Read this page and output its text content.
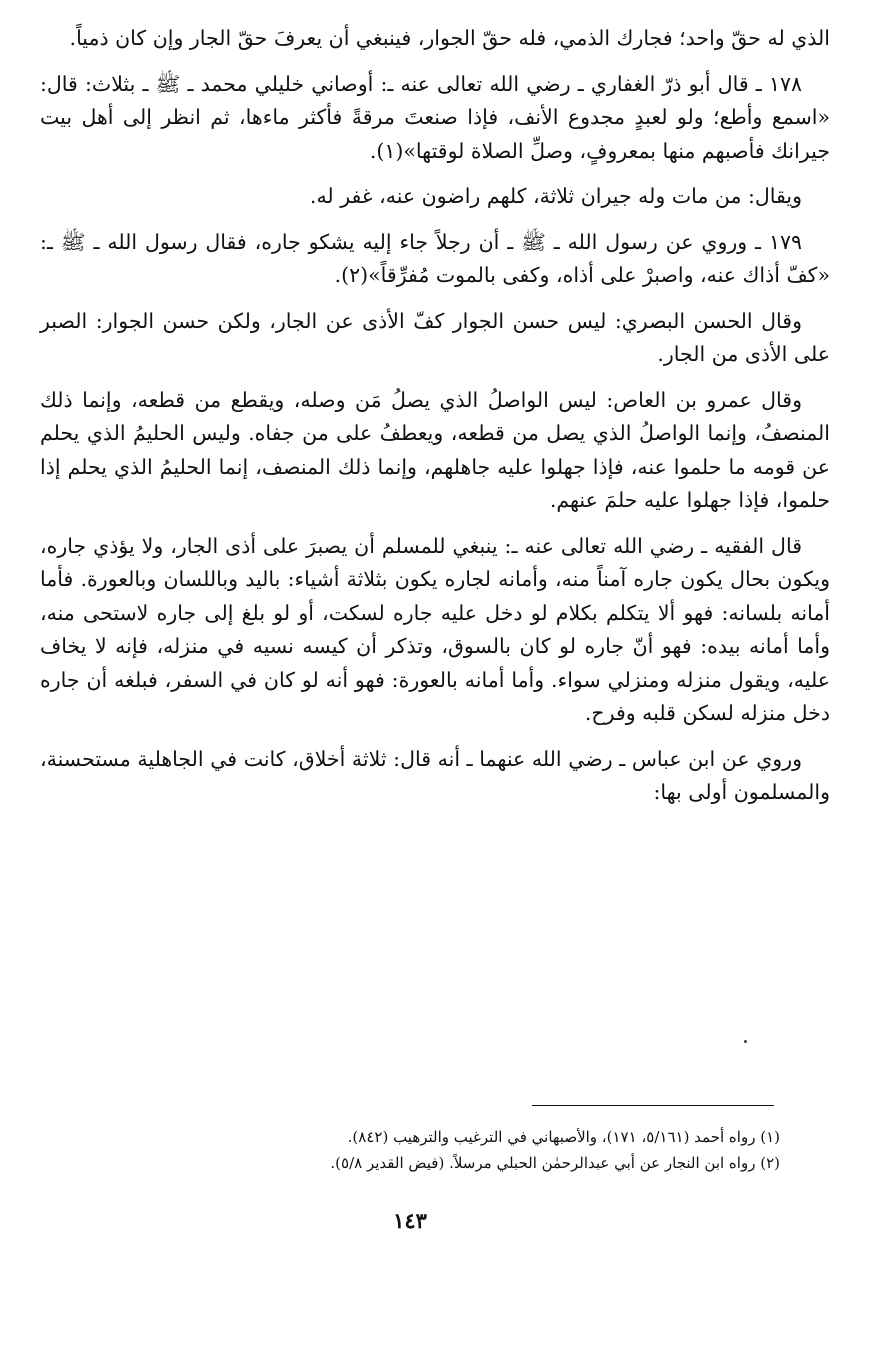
الذي له حقّ واحد؛ فجارك الذمي، فله حقّ الجوار، فينبغي أن يعرفَ حقّ الجار وإن كان ذمياً.

١٧٨ ـ قال أبو ذرّ الغفاري ـ رضي الله تعالى عنه ـ: أوصاني خليلي محمد ـ ﷺ ـ بثلاث: قال: «اسمع وأطع؛ ولو لعبدٍ مجدوع الأنف، فإذا صنعتَ مرقةً فأكثر ماءها، ثم انظر إلى أهل بيت جيرانك فأصبهم منها بمعروفٍ، وصلِّ الصلاة لوقتها»(١).

ويقال: من مات وله جيران ثلاثة، كلهم راضون عنه، غفر له.

١٧٩ ـ وروي عن رسول الله ـ ﷺ ـ أن رجلاً جاء إليه يشكو جاره، فقال رسول الله ـ ﷺ ـ: «كفّ أذاك عنه، واصبرْ على أذاه، وكفى بالموت مُفرِّقاً»(٢).

وقال الحسن البصري: ليس حسن الجوار كفّ الأذى عن الجار، ولكن حسن الجوار: الصبر على الأذى من الجار.

وقال عمرو بن العاص: ليس الواصلُ الذي يصلُ مَن وصله، ويقطع من قطعه، وإنما ذلك المنصفُ، وإنما الواصلُ الذي يصل من قطعه، ويعطفُ على من جفاه. وليس الحليمُ الذي يحلم عن قومه ما حلموا عنه، فإذا جهلوا عليه جاهلهم، وإنما ذلك المنصف، إنما الحليمُ الذي يحلم إذا حلموا، فإذا جهلوا عليه حلمَ عنهم.

قال الفقيه ـ رضي الله تعالى عنه ـ: ينبغي للمسلم أن يصبرَ على أذى الجار، ولا يؤذي جاره، ويكون بحال يكون جاره آمناً منه، وأمانه لجاره يكون بثلاثة أشياء: باليد وباللسان وبالعورة. فأما أمانه بلسانه: فهو ألا يتكلم بكلام لو دخل عليه جاره لسكت، أو لو بلغ إلى جاره لاستحى منه، وأما أمانه بيده: فهو أنّ جاره لو كان بالسوق، وتذكر أن كيسه نسيه في منزله، فإنه لا يخاف عليه، ويقول منزله ومنزلي سواء. وأما أمانه بالعورة: فهو أنه لو كان في السفر، فبلغه أن جاره دخل منزله لسكن قلبه وفرح.

وروي عن ابن عباس ـ رضي الله عنهما ـ أنه قال: ثلاثة أخلاق، كانت في الجاهلية مستحسنة، والمسلمون أولى بها:

(١) رواه أحمد (٥/١٦١، ١٧١)، والأصبهاني في الترغيب والترهيب (٨٤٢).

(٢) رواه ابن النجار عن أبي عبدالرحمٰن الحبلي مرسلاً. (فيض القدير ٥/٨).

١٤٣
